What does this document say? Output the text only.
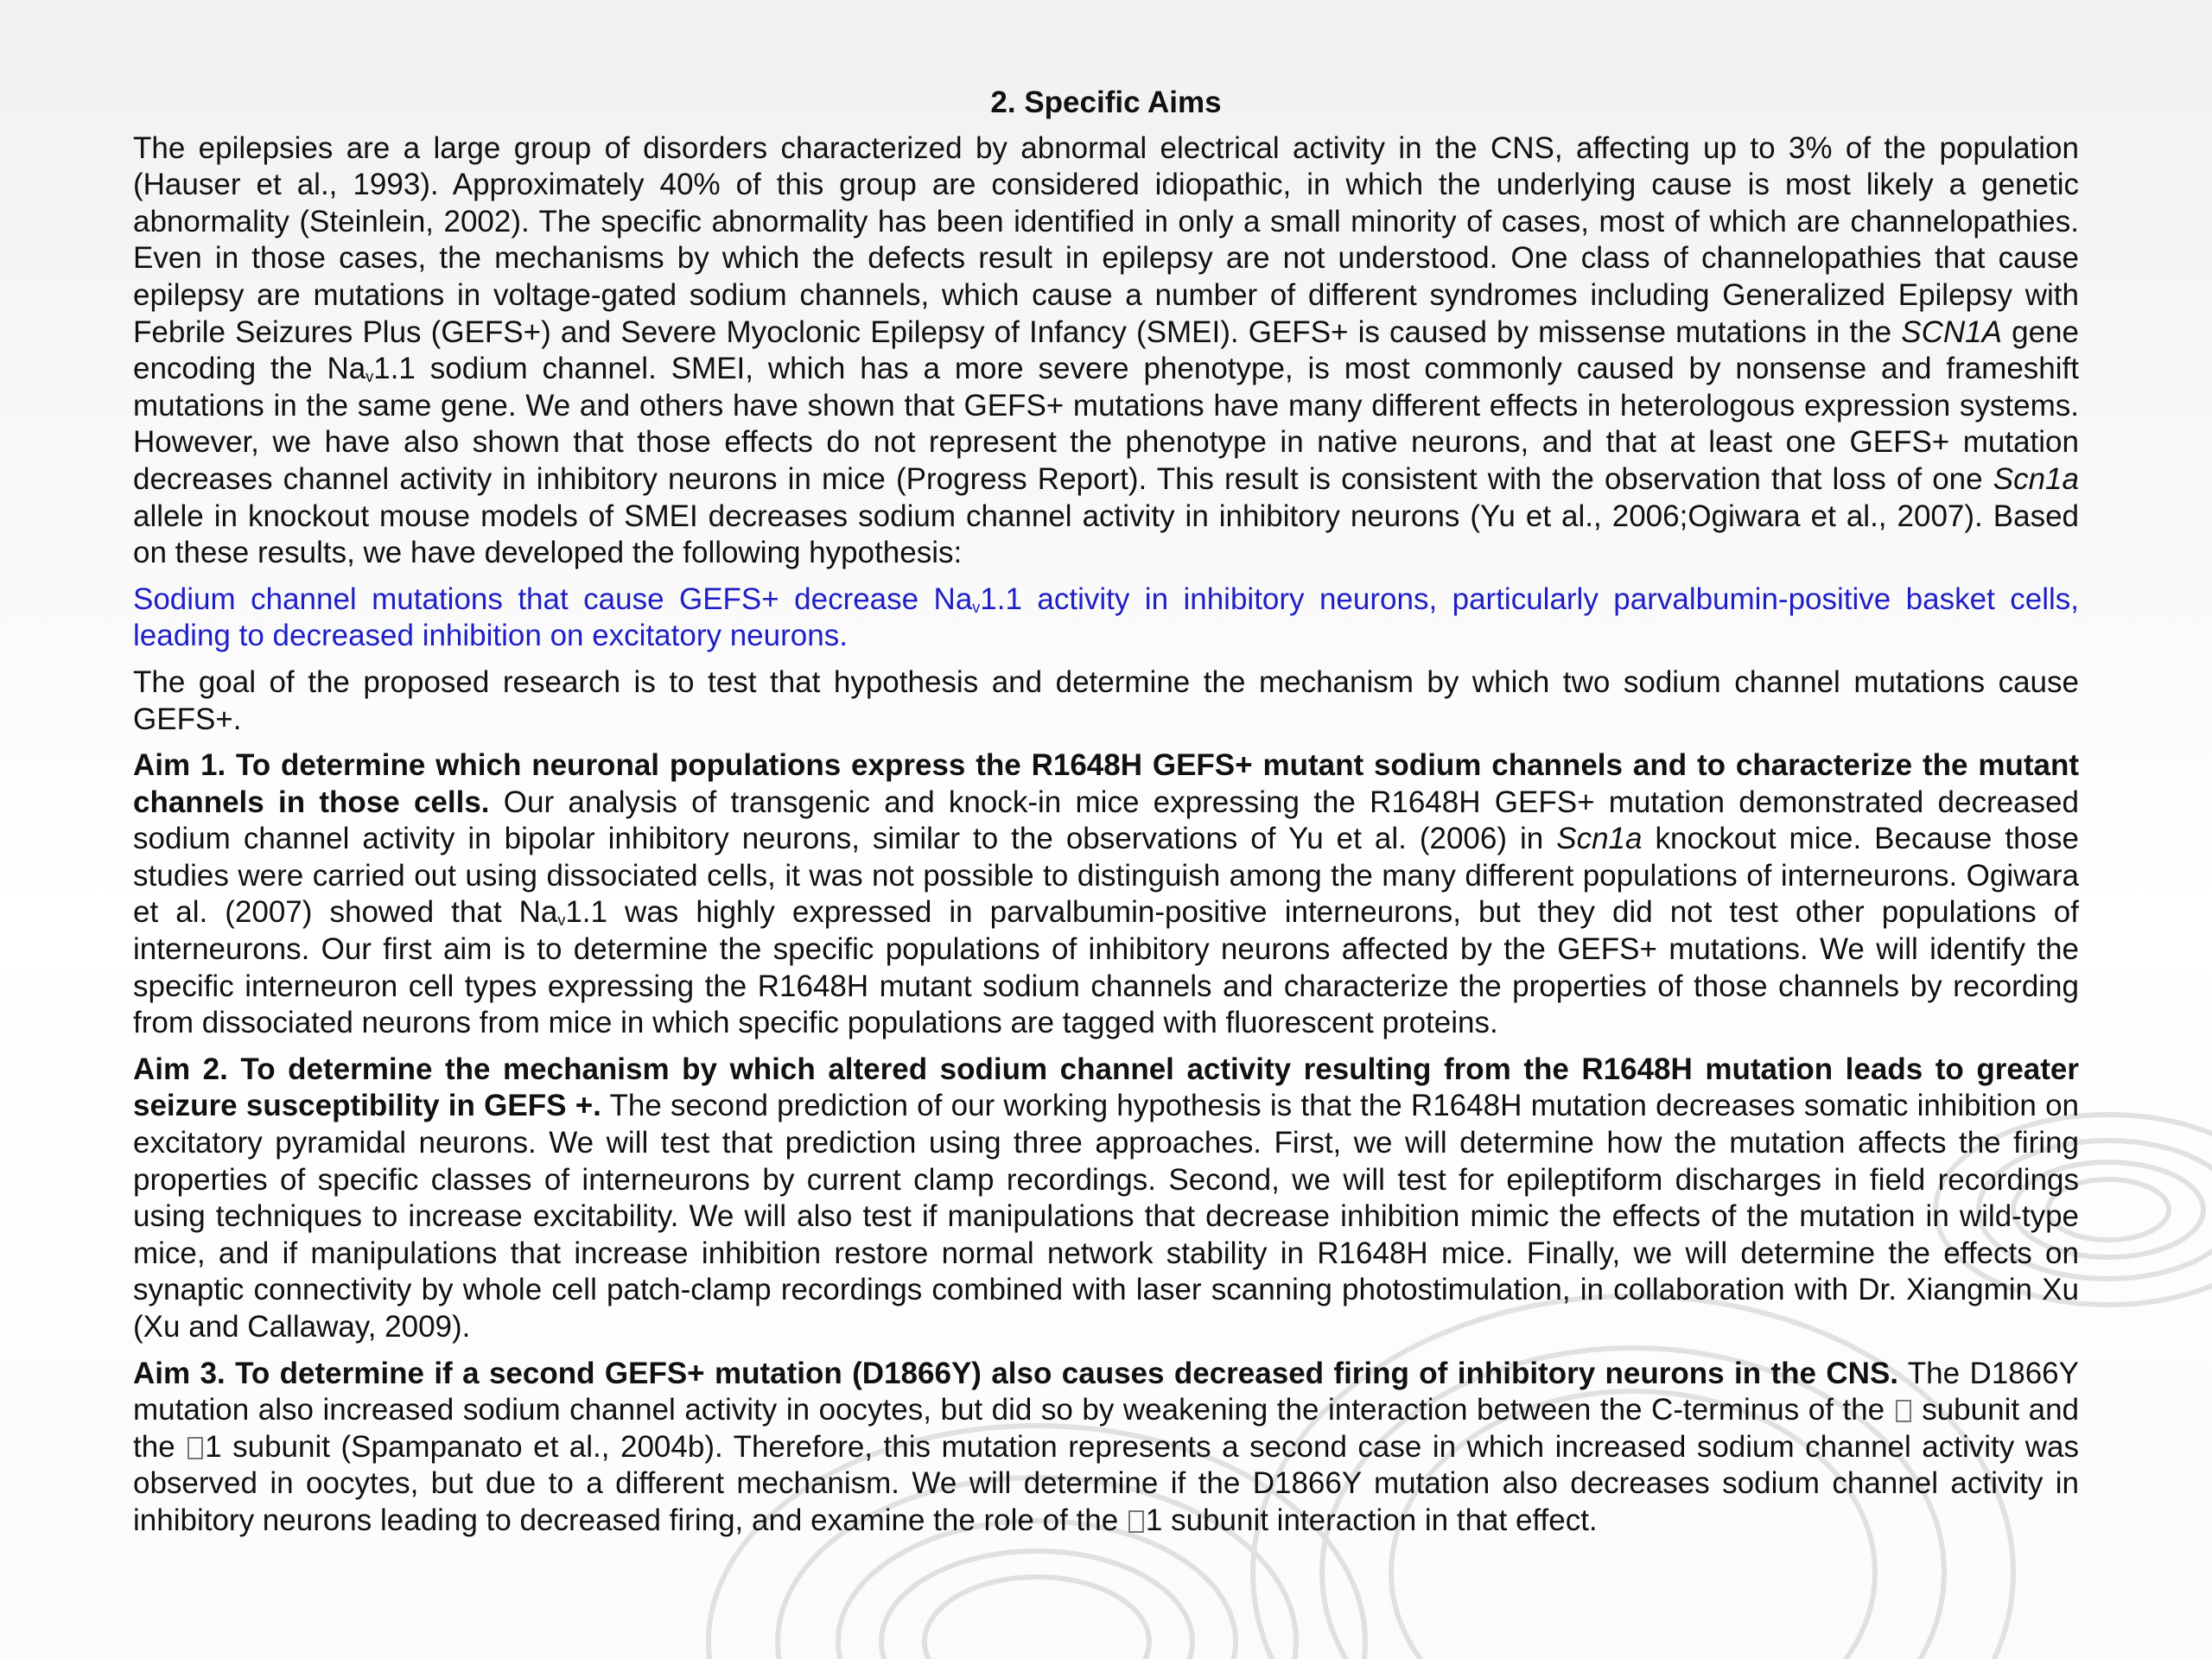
2. Specific Aims

The epilepsies are a large group of disorders characterized by abnormal electrical activity in the CNS, affecting up to 3% of the population (Hauser et al., 1993). Approximately 40% of this group are considered idiopathic, in which the underlying cause is most likely a genetic abnormality (Steinlein, 2002). The specific abnormality has been identified in only a small minority of cases, most of which are channelopathies. Even in those cases, the mechanisms by which the defects result in epilepsy are not understood. One class of channelopathies that cause epilepsy are mutations in voltage-gated sodium channels, which cause a number of different syndromes including Generalized Epilepsy with Febrile Seizures Plus (GEFS+) and Severe Myoclonic Epilepsy of Infancy (SMEI). GEFS+ is caused by missense mutations in the SCN1A gene encoding the $Na_v1.1$ sodium channel. SMEI, which has a more severe phenotype, is most commonly caused by nonsense and frameshift mutations in the same gene. We and others have shown that GEFS+ mutations have many different effects in heterologous expression systems. However, we have also shown that those effects do not represent the phenotype in native neurons, and that at least one GEFS+ mutation decreases channel activity in inhibitory neurons in mice (Progress Report). This result is consistent with the observation that loss of one Scn1a allele in knockout mouse models of SMEI decreases sodium channel activity in inhibitory neurons (Yu et al., 2006;Ogiwara et al., 2007). Based on these results, we have developed the following hypothesis:

Sodium channel mutations that cause GEFS+ decrease $Na_v1.1$ activity in inhibitory neurons, particularly parvalbumin-positive basket cells, leading to decreased inhibition on excitatory neurons.

The goal of the proposed research is to test that hypothesis and determine the mechanism by which two sodium channel mutations cause GEFS+.

Aim 1. To determine which neuronal populations express the R1648H GEFS+ mutant sodium channels and to characterize the mutant channels in those cells. Our analysis of transgenic and knock-in mice expressing the R1648H GEFS+ mutation demonstrated decreased sodium channel activity in bipolar inhibitory neurons, similar to the observations of Yu et al. (2006) in Scn1a knockout mice. Because those studies were carried out using dissociated cells, it was not possible to distinguish among the many different populations of interneurons. Ogiwara et al. (2007) showed that $Na_v1.1$ was highly expressed in parvalbumin-positive interneurons, but they did not test other populations of interneurons. Our first aim is to determine the specific populations of inhibitory neurons affected by the GEFS+ mutations. We will identify the specific interneuron cell types expressing the R1648H mutant sodium channels and characterize the properties of those channels by recording from dissociated neurons from mice in which specific populations are tagged with fluorescent proteins.

Aim 2. To determine the mechanism by which altered sodium channel activity resulting from the R1648H mutation leads to greater seizure susceptibility in GEFS +. The second prediction of our working hypothesis is that the R1648H mutation decreases somatic inhibition on excitatory pyramidal neurons. We will test that prediction using three approaches. First, we will determine how the mutation affects the firing properties of specific classes of interneurons by current clamp recordings. Second, we will test for epileptiform discharges in field recordings using techniques to increase excitability. We will also test if manipulations that decrease inhibition mimic the effects of the mutation in wild-type mice, and if manipulations that increase inhibition restore normal network stability in R1648H mice. Finally, we will determine the effects on synaptic connectivity by whole cell patch-clamp recordings combined with laser scanning photostimulation, in collaboration with Dr. Xiangmin Xu (Xu and Callaway, 2009).

Aim 3. To determine if a second GEFS+ mutation (D1866Y) also causes decreased firing of inhibitory neurons in the CNS. The D1866Y mutation also increased sodium channel activity in oocytes, but did so by weakening the interaction between the C-terminus of the subunit and the 1 subunit (Spampanato et al., 2004b). Therefore, this mutation represents a second case in which increased sodium channel activity was observed in oocytes, but due to a different mechanism. We will determine if the D1866Y mutation also decreases sodium channel activity in inhibitory neurons leading to decreased firing, and examine the role of the 1 subunit interaction in that effect.
